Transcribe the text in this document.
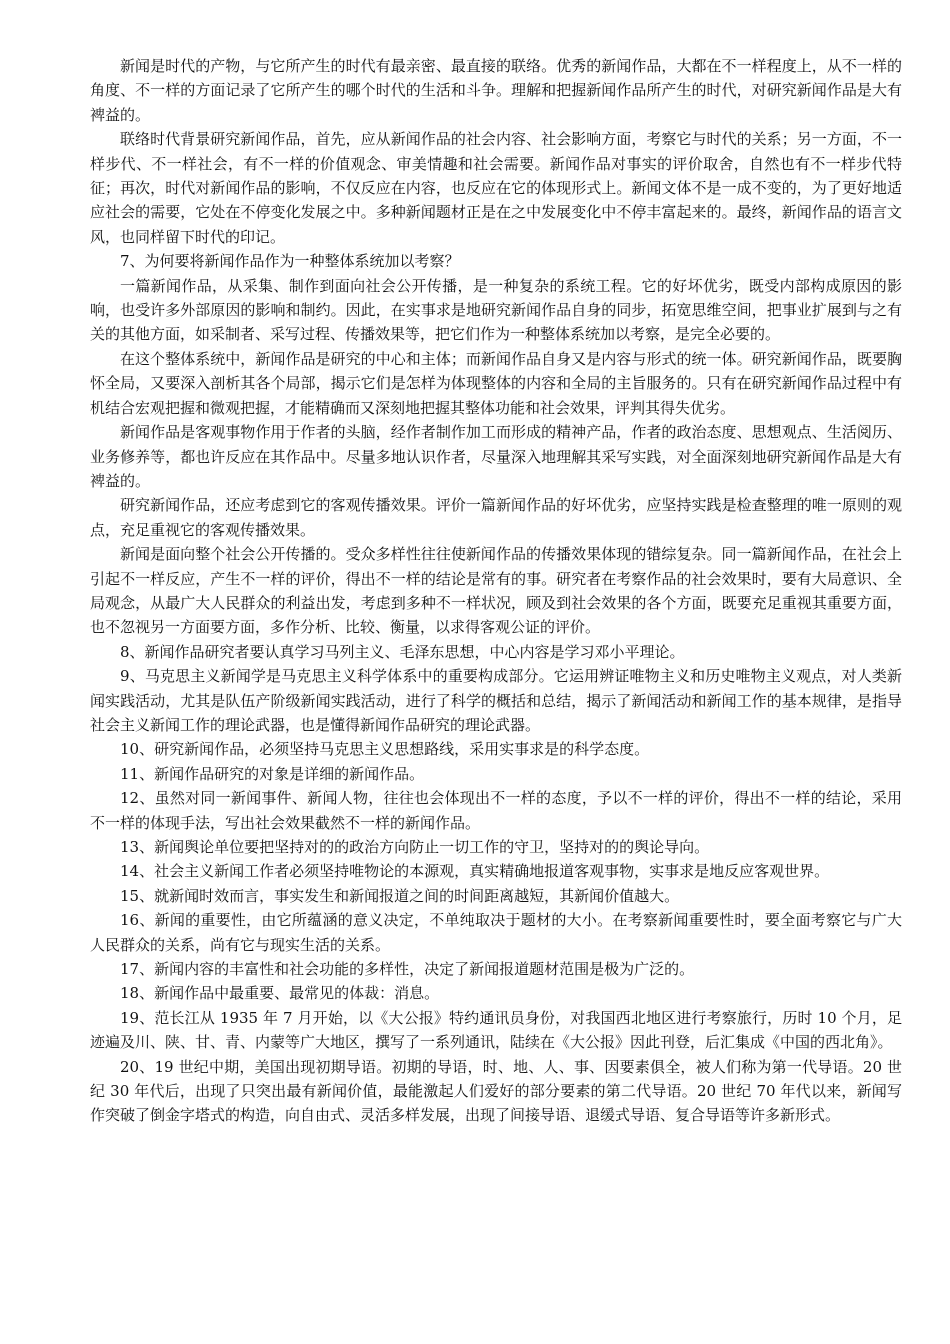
新闻是时代的产物，与它所产生的时代有最亲密、最直接的联络。优秀的新闻作品，大都在不一样程度上，从不一样的角度、不一样的方面记录了它所产生的哪个时代的生活和斗争。理解和把握新闻作品所产生的时代，对研究新闻作品是大有裨益的。

联络时代背景研究新闻作品，首先，应从新闻作品的社会内容、社会影响方面，考察它与时代的关系；另一方面，不一样步代、不一样社会，有不一样的价值观念、审美情趣和社会需要。新闻作品对事实的评价取舍，自然也有不一样步代特征；再次，时代对新闻作品的影响，不仅反应在内容，也反应在它的体现形式上。新闻文体不是一成不变的，为了更好地适应社会的需要，它处在不停变化发展之中。多种新闻题材正是在之中发展变化中不停丰富起来的。最终，新闻作品的语言文风，也同样留下时代的印记。

7、为何要将新闻作品作为一种整体系统加以考察？

一篇新闻作品，从采集、制作到面向社会公开传播，是一种复杂的系统工程。它的好坏优劣，既受内部构成原因的影响，也受许多外部原因的影响和制约。因此，在实事求是地研究新闻作品自身的同步，拓宽思维空间，把事业扩展到与之有关的其他方面，如采制者、采写过程、传播效果等，把它们作为一种整体系统加以考察，是完全必要的。

在这个整体系统中，新闻作品是研究的中心和主体；而新闻作品自身又是内容与形式的统一体。研究新闻作品，既要胸怀全局，又要深入剖析其各个局部，揭示它们是怎样为体现整体的内容和全局的主旨服务的。只有在研究新闻作品过程中有机结合宏观把握和微观把握，才能精确而又深刻地把握其整体功能和社会效果，评判其得失优劣。

新闻作品是客观事物作用于作者的头脑，经作者制作加工而形成的精神产品，作者的政治态度、思想观点、生活阅历、业务修养等，都也许反应在其作品中。尽量多地认识作者，尽量深入地理解其采写实践，对全面深刻地研究新闻作品是大有裨益的。

研究新闻作品，还应考虑到它的客观传播效果。评价一篇新闻作品的好坏优劣，应坚持实践是检查整理的唯一原则的观点，充足重视它的客观传播效果。

新闻是面向整个社会公开传播的。受众多样性往往使新闻作品的传播效果体现的错综复杂。同一篇新闻作品，在社会上引起不一样反应，产生不一样的评价，得出不一样的结论是常有的事。研究者在考察作品的社会效果时，要有大局意识、全局观念，从最广大人民群众的利益出发，考虑到多种不一样状况，顾及到社会效果的各个方面，既要充足重视其重要方面，也不忽视另一方面要方面，多作分析、比较、衡量，以求得客观公证的评价。

8、新闻作品研究者要认真学习马列主义、毛泽东思想，中心内容是学习邓小平理论。

9、马克思主义新闻学是马克思主义科学体系中的重要构成部分。它运用辨证唯物主义和历史唯物主义观点，对人类新闻实践活动，尤其是队伍产阶级新闻实践活动，进行了科学的概括和总结，揭示了新闻活动和新闻工作的基本规律，是指导社会主义新闻工作的理论武器，也是懂得新闻作品研究的理论武器。

10、研究新闻作品，必须坚持马克思主义思想路线，采用实事求是的科学态度。

11、新闻作品研究的对象是详细的新闻作品。

12、虽然对同一新闻事件、新闻人物，往往也会体现出不一样的态度，予以不一样的评价，得出不一样的结论，采用不一样的体现手法，写出社会效果截然不一样的新闻作品。

13、新闻舆论单位要把坚持对的的政治方向防止一切工作的守卫，坚持对的的舆论导向。

14、社会主义新闻工作者必须坚持唯物论的本源观，真实精确地报道客观事物，实事求是地反应客观世界。

15、就新闻时效而言，事实发生和新闻报道之间的时间距离越短，其新闻价值越大。

16、新闻的重要性，由它所蕴涵的意义决定，不单纯取决于题材的大小。在考察新闻重要性时，要全面考察它与广大人民群众的关系，尚有它与现实生活的关系。

17、新闻内容的丰富性和社会功能的多样性，决定了新闻报道题材范围是极为广泛的。

18、新闻作品中最重要、最常见的体裁：消息。

19、范长江从 1935 年 7 月开始，以《大公报》特约通讯员身份，对我国西北地区进行考察旅行，历时 10 个月，足迹遍及川、陕、甘、青、内蒙等广大地区，撰写了一系列通讯，陆续在《大公报》因此刊登，后汇集成《中国的西北角》。

20、19 世纪中期，美国出现初期导语。初期的导语，时、地、人、事、因要素俱全，被人们称为第一代导语。20 世纪 30 年代后，出现了只突出最有新闻价值，最能激起人们爱好的部分要素的第二代导语。20 世纪 70 年代以来，新闻写作突破了倒金字塔式的构造，向自由式、灵活多样发展，出现了间接导语、退缓式导语、复合导语等许多新形式。
